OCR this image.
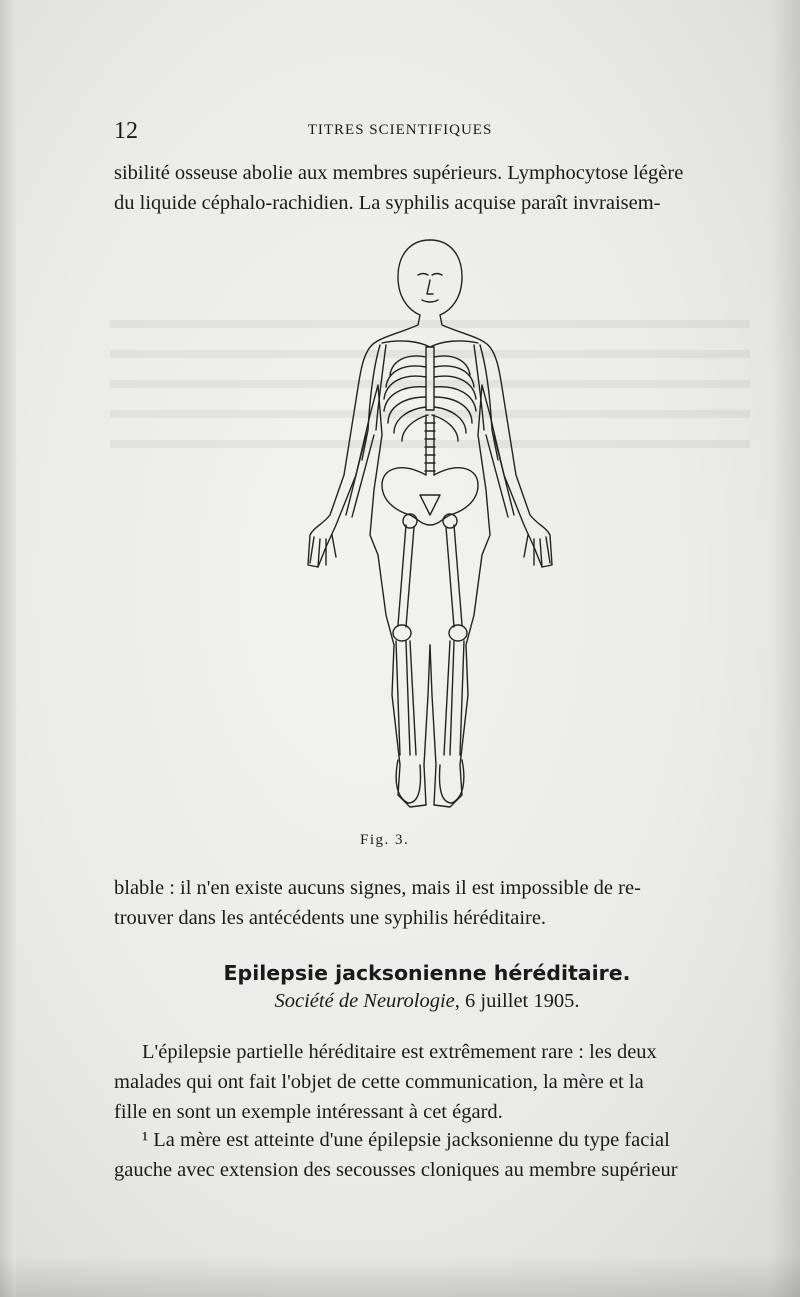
12	TITRES SCIENTIFIQUES
sibilité osseuse abolie aux membres supérieurs. Lymphocytose légère
du liquide céphalo-rachidien. La syphilis acquise paraît invraisem-
Fig. 3.
blable : il n'en existe aucuns signes, mais il est impossible de re-
trouver dans les antécédents une syphilis héréditaire.
Epilepsie jacksonienne héréditaire.
Société de Neurologie, 6 juillet 1905.
L'épilepsie partielle héréditaire est extrêmement rare : les deux
malades qui ont fait l'objet de cette communication, la mère et la
fille en sont un exemple intéressant à cet égard.
¹ La mère est atteinte d'une épilepsie jacksonienne du type facial
gauche avec extension des secousses cloniques au membre supérieur
